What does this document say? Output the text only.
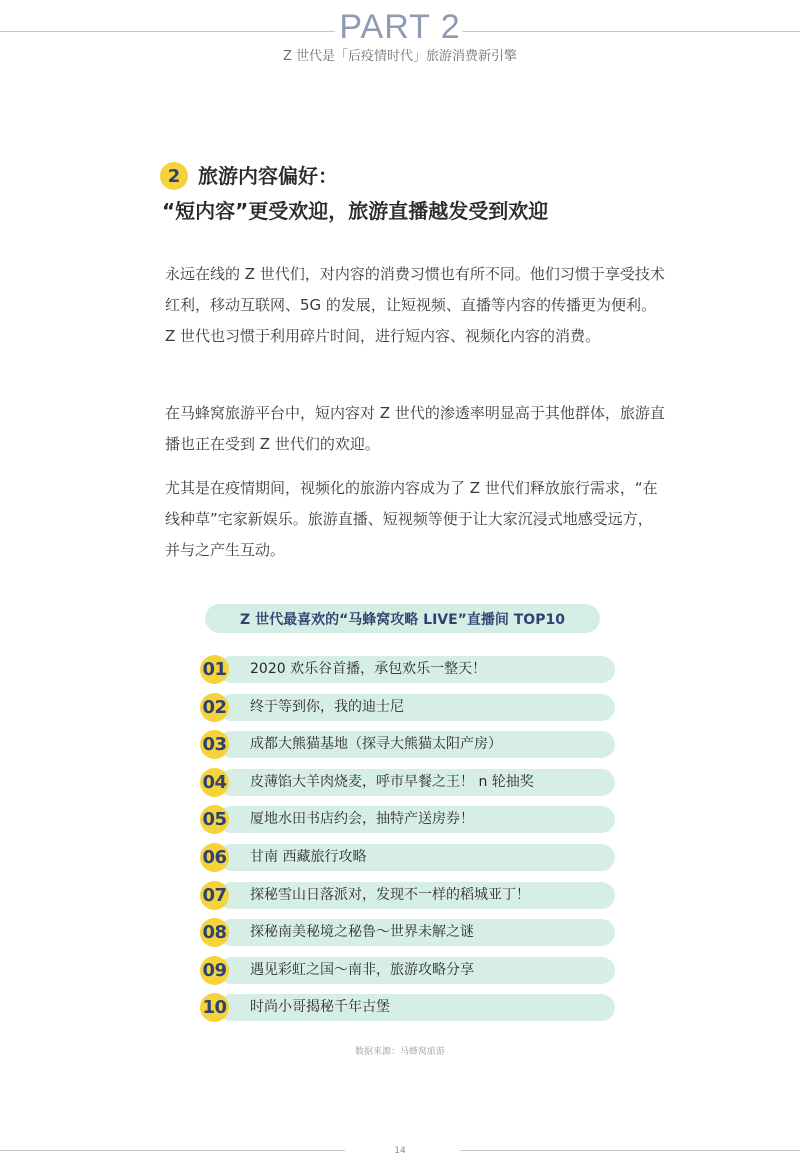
PART 2
Z 世代是「后疫情时代」旅游消费新引擎
2 旅游内容偏好：
“短内容”更受欢迎，旅游直播越发受到欢迎

永远在线的 Z 世代们，对内容的消费习惯也有所不同。他们习惯于享受技术红利，移动互联网、5G 的发展，让短视频、直播等内容的传播更为便利。Z 世代也习惯于利用碎片时间，进行短内容、视频化内容的消费。

在马蜂窝旅游平台中，短内容对 Z 世代的渗透率明显高于其他群体，旅游直播也正在受到 Z 世代们的欢迎。

尤其是在疫情期间，视频化的旅游内容成为了 Z 世代们释放旅行需求，“在线种草”宅家新娱乐。旅游直播、短视频等便于让大家沉浸式地感受远方，并与之产生互动。

Z 世代最喜欢的“马蜂窝攻略 LIVE”直播间 TOP10
01 2020 欢乐谷首播，承包欢乐一整天！
02 终于等到你，我的迪士尼
03 成都大熊猫基地（探寻大熊猫太阳产房）
04 皮薄馅大羊肉烧麦，呼市早餐之王！ n 轮抽奖
05 厦地水田书店约会，抽特产送房券！
06 甘南 西藏旅行攻略
07 探秘雪山日落派对，发现不一样的稻城亚丁！
08 探秘南美秘境之秘鲁～世界未解之谜
09 遇见彩虹之国～南非，旅游攻略分享
10 时尚小哥揭秘千年古堡
数据来源：马蜂窝旅游
14
